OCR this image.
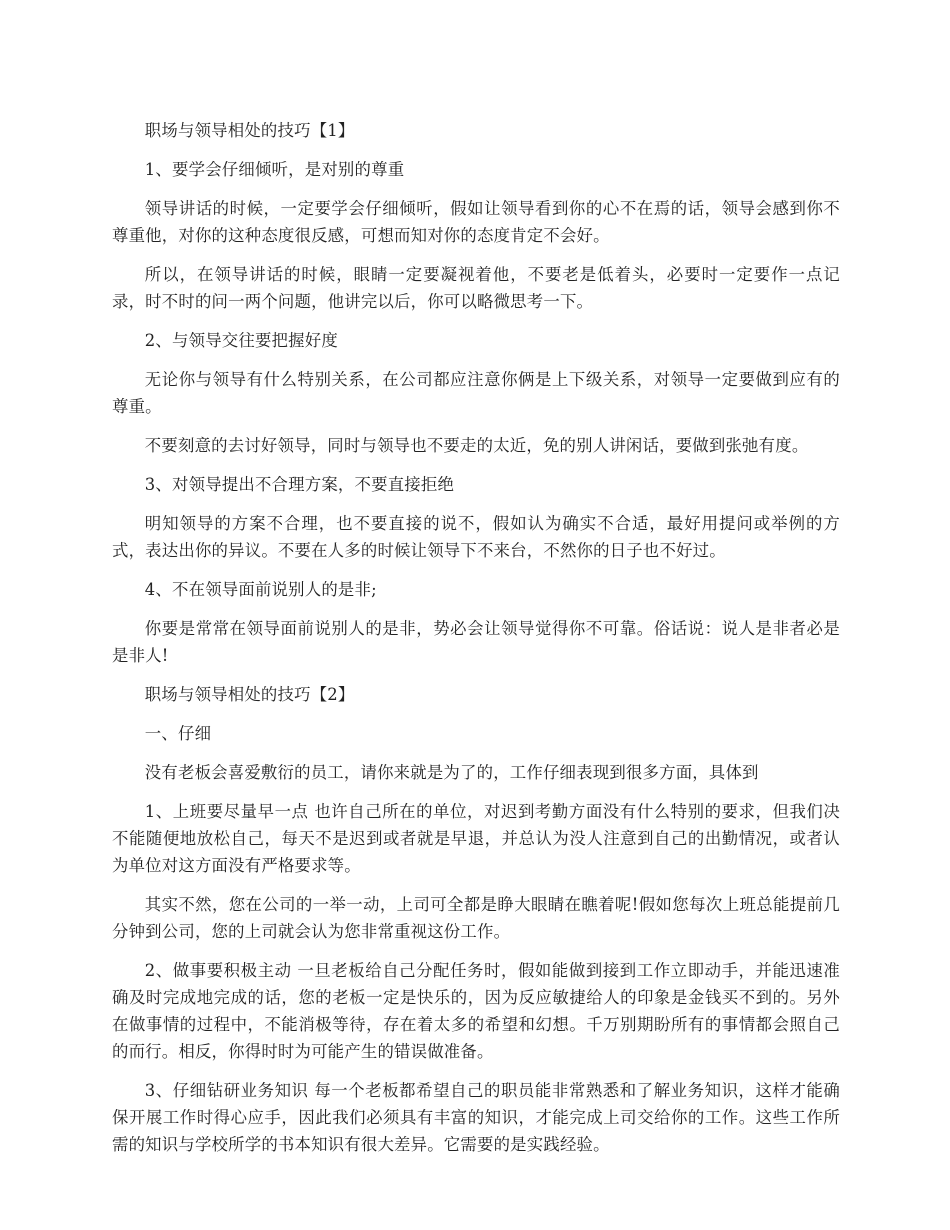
职场与领导相处的技巧【1】

1、要学会仔细倾听，是对别的尊重

领导讲话的时候，一定要学会仔细倾听，假如让领导看到你的心不在焉的话，领导会感到你不尊重他，对你的这种态度很反感，可想而知对你的态度肯定不会好。

所以，在领导讲话的时候，眼睛一定要凝视着他，不要老是低着头，必要时一定要作一点记录，时不时的问一两个问题，他讲完以后，你可以略微思考一下。

2、与领导交往要把握好度

无论你与领导有什么特别关系，在公司都应注意你俩是上下级关系，对领导一定要做到应有的尊重。

不要刻意的去讨好领导，同时与领导也不要走的太近，免的别人讲闲话，要做到张弛有度。

3、对领导提出不合理方案，不要直接拒绝

明知领导的方案不合理，也不要直接的说不，假如认为确实不合适，最好用提问或举例的方式，表达出你的异议。不要在人多的时候让领导下不来台，不然你的日子也不好过。

4、不在领导面前说别人的是非;

你要是常常在领导面前说别人的是非，势必会让领导觉得你不可靠。俗话说：说人是非者必是是非人!

职场与领导相处的技巧【2】

一、仔细

没有老板会喜爱敷衍的员工，请你来就是为了的，工作仔细表现到很多方面，具体到

1、上班要尽量早一点 也许自己所在的单位，对迟到考勤方面没有什么特别的要求，但我们决不能随便地放松自己，每天不是迟到或者就是早退，并总认为没人注意到自己的出勤情况，或者认为单位对这方面没有严格要求等。

其实不然，您在公司的一举一动，上司可全都是睁大眼睛在瞧着呢!假如您每次上班总能提前几分钟到公司，您的上司就会认为您非常重视这份工作。

2、做事要积极主动 一旦老板给自己分配任务时，假如能做到接到工作立即动手，并能迅速准确及时完成地完成的话，您的老板一定是快乐的，因为反应敏捷给人的印象是金钱买不到的。另外在做事情的过程中，不能消极等待，存在着太多的希望和幻想。千万别期盼所有的事情都会照自己的而行。相反，你得时时为可能产生的错误做准备。

3、仔细钻研业务知识 每一个老板都希望自己的职员能非常熟悉和了解业务知识，这样才能确保开展工作时得心应手，因此我们必须具有丰富的知识，才能完成上司交给你的工作。这些工作所需的知识与学校所学的书本知识有很大差异。它需要的是实践经验。
